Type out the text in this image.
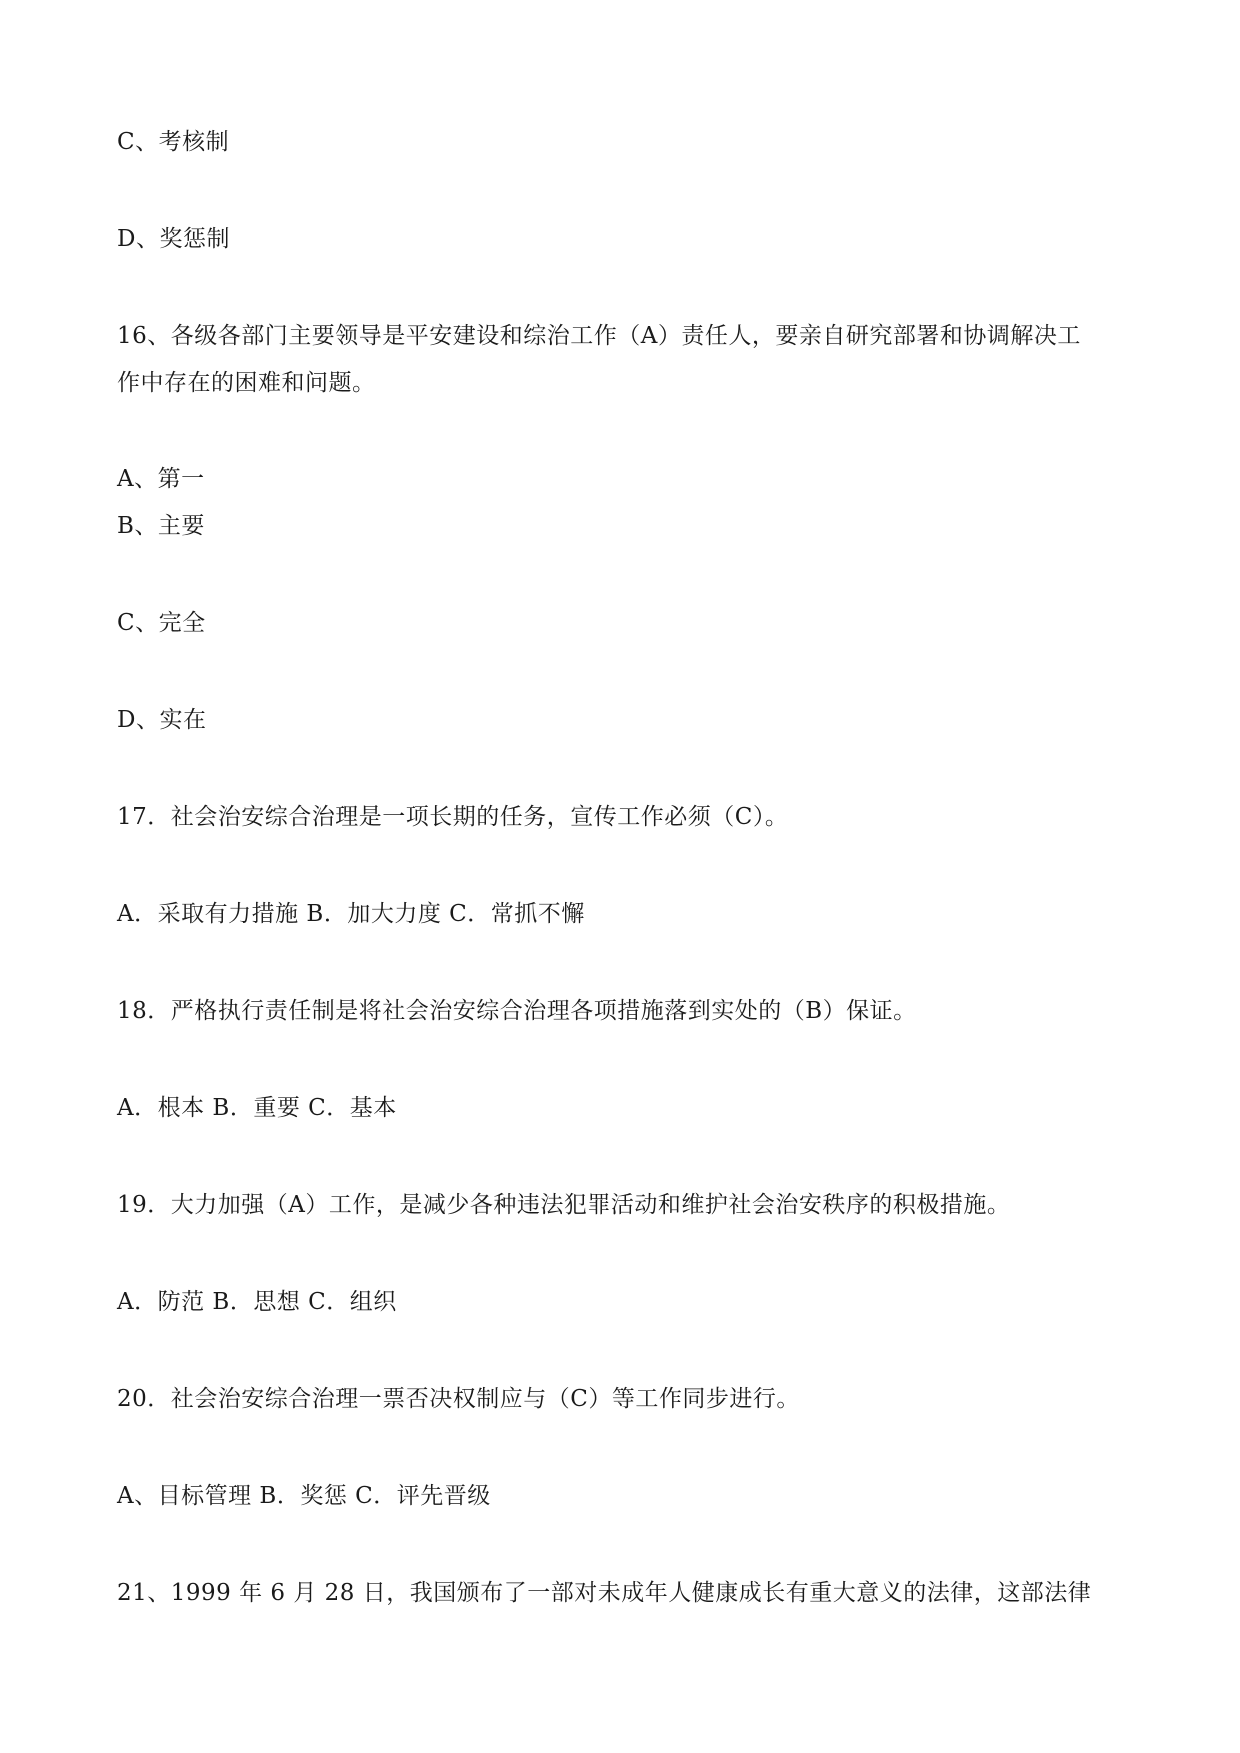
C、考核制
D、奖惩制
16、各级各部门主要领导是平安建设和综治工作（A）责任人，要亲自研究部署和协调解决工
作中存在的困难和问题。
A、第一
B、主要
C、完全
D、实在
17．社会治安综合治理是一项长期的任务，宣传工作必须（C）。
A．采取有力措施 B．加大力度 C．常抓不懈
18．严格执行责任制是将社会治安综合治理各项措施落到实处的（B）保证。
A．根本 B．重要 C．基本
19．大力加强（A）工作，是减少各种违法犯罪活动和维护社会治安秩序的积极措施。
A．防范 B．思想 C．组织
20．社会治安综合治理一票否决权制应与（C）等工作同步进行。
A、目标管理 B．奖惩 C．评先晋级
21、1999 年 6 月 28 日，我国颁布了一部对未成年人健康成长有重大意义的法律，这部法律
